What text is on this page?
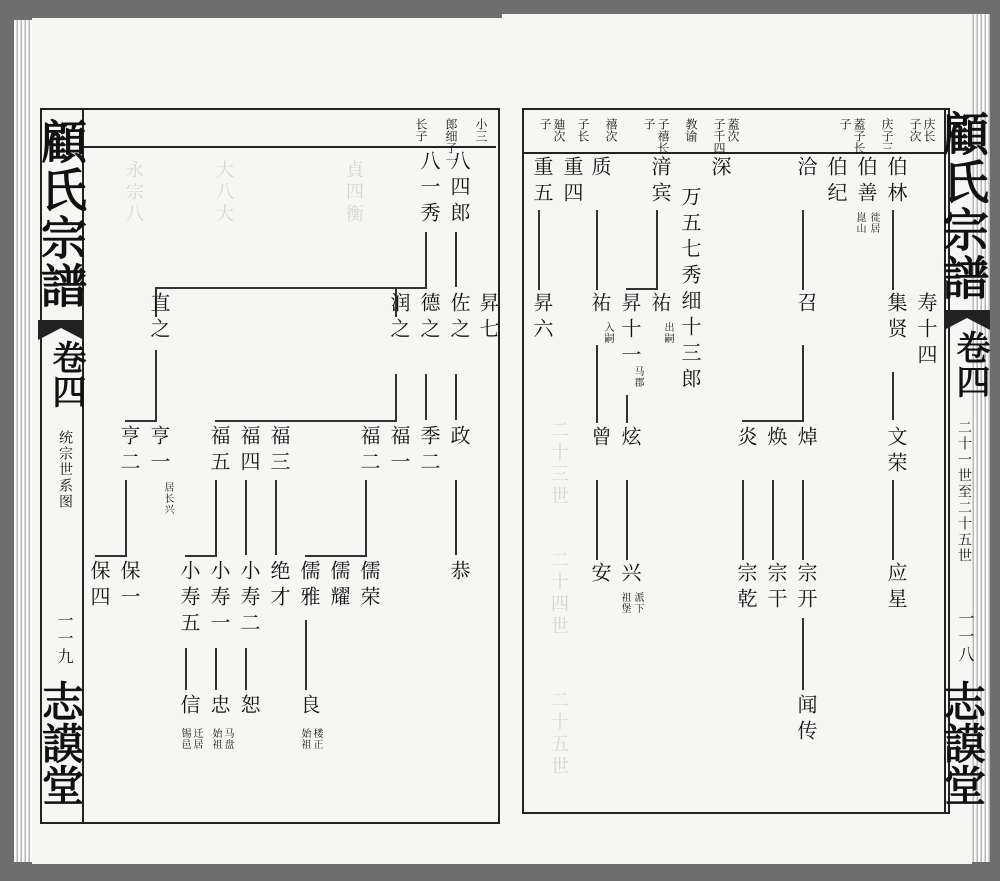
顧氏宗譜
卷四
统宗世系图
一一九
志謨堂
永宗八	大八大	貞四衡
小三
郎细子一
长子
八四郎
八一秀
昇七
佐之
德之
润之
直之
政
季二
福一
福二
福三
福四
福五
亨一
亨二
居长兴
恭
儒荣
儒耀
儒雅
绝才
小寿二
小寿一
小寿五
保一
保四
良
恕
忠
信
楼正
始祖
马盘
始祖
迁居
锡邑
顧氏宗譜
卷四
二十一世至二十五世
一一八
志謨堂
二十三世
二十四世
二十五世
庆长
子次
庆子三
蓋子长
子
蓋次
子千四
教谕
子禧长
子
禧次
子长
廸次
子
伯林
伯善
伯纪
洽
深
万五七秀细十三郎
湇宾
质
重四
重五
徙居
崑山
寿十四
集贤
召
祐
昇十一
祐
昇六	出嗣
入嗣
马郡
文荣
焯
焕
炎
炫
曾
应星
宗开
宗干
宗乾
兴
安
派下
祖堡
闻传
